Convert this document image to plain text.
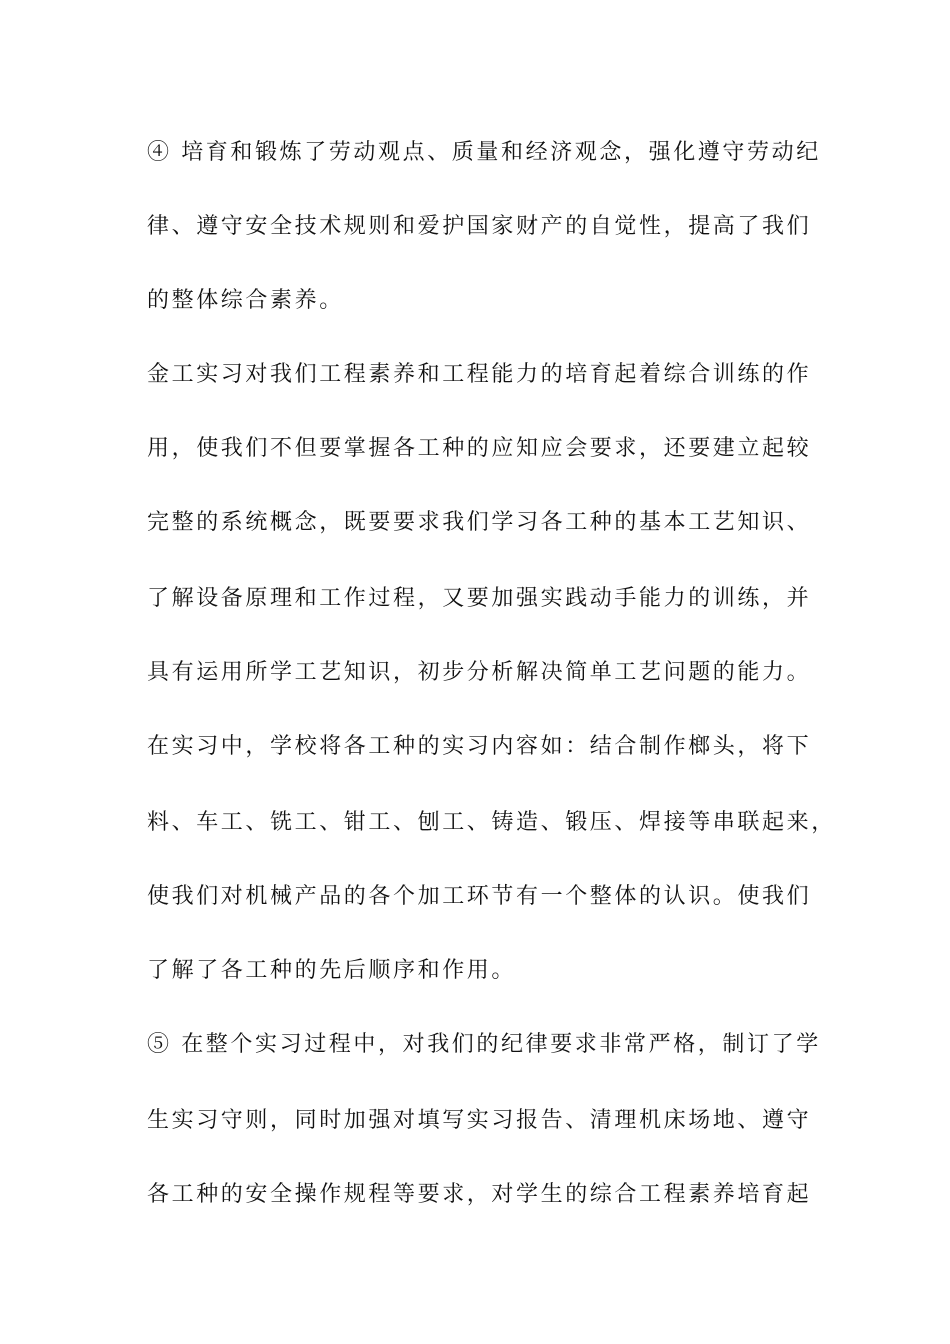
④ 培育和锻炼了劳动观点、质量和经济观念，强化遵守劳动纪
律、遵守安全技术规则和爱护国家财产的自觉性，提高了我们
的整体综合素养。
金工实习对我们工程素养和工程能力的培育起着综合训练的作
用，使我们不但要掌握各工种的应知应会要求，还要建立起较
完整的系统概念，既要要求我们学习各工种的基本工艺知识、
了解设备原理和工作过程，又要加强实践动手能力的训练，并
具有运用所学工艺知识，初步分析解决简单工艺问题的能力。
在实习中，学校将各工种的实习内容如：结合制作榔头，将下
料、车工、铣工、钳工、刨工、铸造、锻压、焊接等串联起来，
使我们对机械产品的各个加工环节有一个整体的认识。使我们
了解了各工种的先后顺序和作用。
⑤ 在整个实习过程中，对我们的纪律要求非常严格，制订了学
生实习守则，同时加强对填写实习报告、清理机床场地、遵守
各工种的安全操作规程等要求，对学生的综合工程素养培育起
